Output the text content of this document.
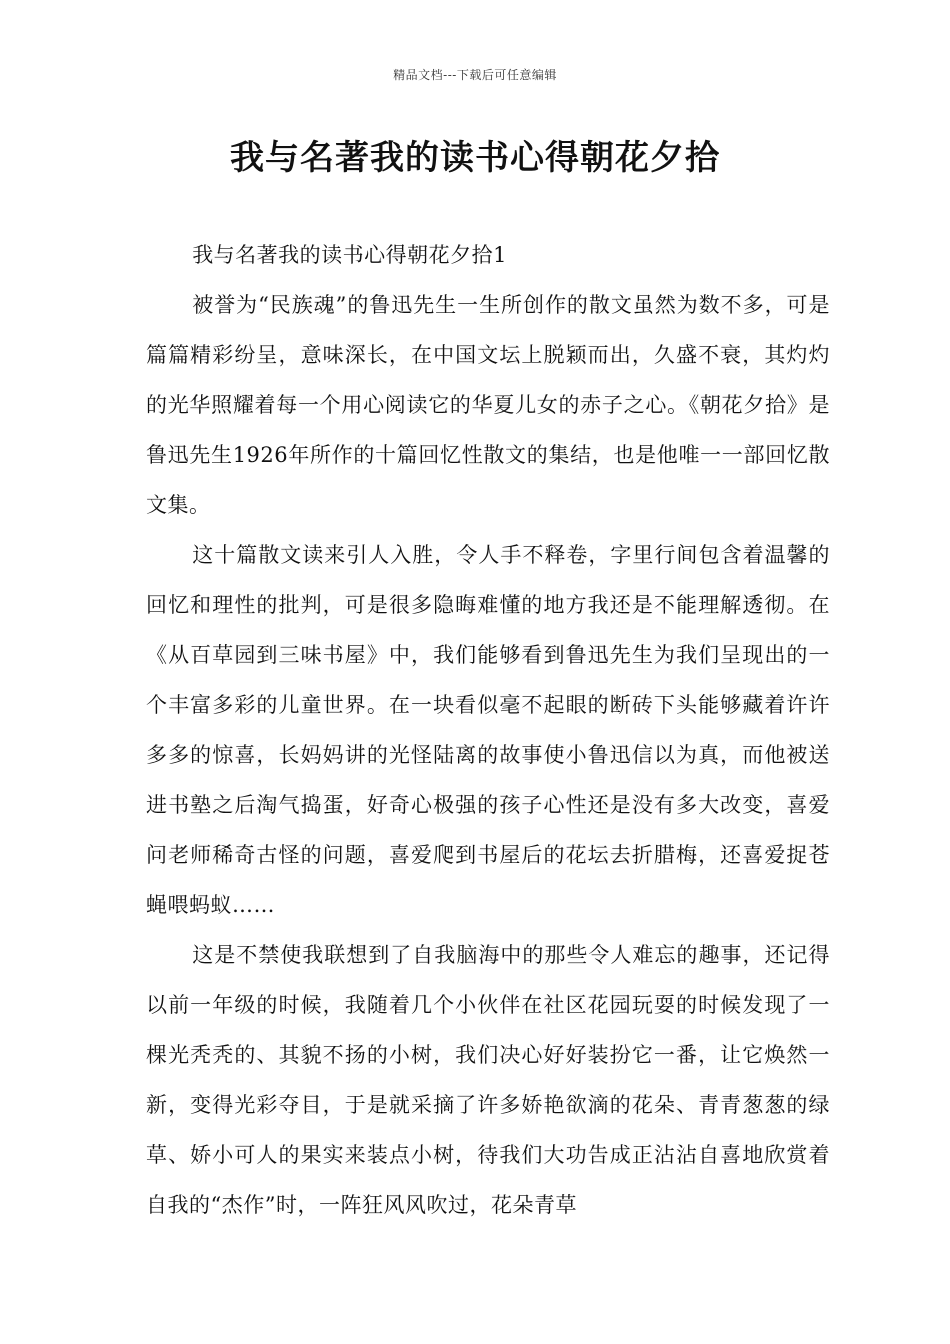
精品文档---下载后可任意编辑
我与名著我的读书心得朝花夕拾

我与名著我的读书心得朝花夕拾1

被誉为“民族魂”的鲁迅先生一生所创作的散文虽然为数不多，可是篇篇精彩纷呈，意味深长，在中国文坛上脱颖而出，久盛不衰，其灼灼的光华照耀着每一个用心阅读它的华夏儿女的赤子之心。《朝花夕拾》是鲁迅先生1926年所作的十篇回忆性散文的集结，也是他唯一一部回忆散文集。

这十篇散文读来引人入胜，令人手不释卷，字里行间包含着温馨的回忆和理性的批判，可是很多隐晦难懂的地方我还是不能理解透彻。在《从百草园到三味书屋》中，我们能够看到鲁迅先生为我们呈现出的一个丰富多彩的儿童世界。在一块看似毫不起眼的断砖下头能够藏着许许多多的惊喜，长妈妈讲的光怪陆离的故事使小鲁迅信以为真，而他被送进书塾之后淘气捣蛋，好奇心极强的孩子心性还是没有多大改变，喜爱问老师稀奇古怪的问题，喜爱爬到书屋后的花坛去折腊梅，还喜爱捉苍蝇喂蚂蚁……

这是不禁使我联想到了自我脑海中的那些令人难忘的趣事，还记得以前一年级的时候，我随着几个小伙伴在社区花园玩耍的时候发现了一棵光秃秃的、其貌不扬的小树，我们决心好好装扮它一番，让它焕然一新，变得光彩夺目，于是就采摘了许多娇艳欲滴的花朵、青青葱葱的绿草、娇小可人的果实来装点小树，待我们大功告成正沾沾自喜地欣赏着自我的“杰作”时，一阵狂风风吹过，花朵青草
